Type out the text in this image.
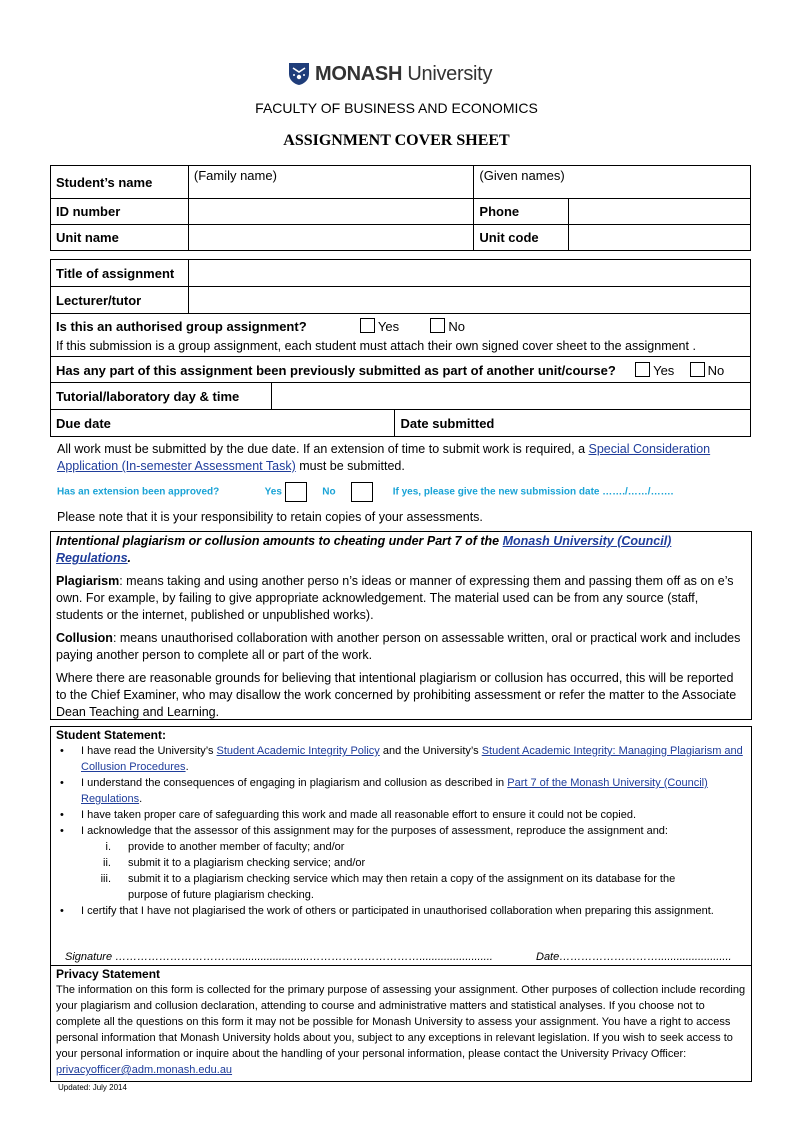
MONASH University
FACULTY OF BUSINESS AND ECONOMICS
ASSIGNMENT COVER SHEET
Student’s name	(Family name)	(Given names)	
ID number		Phone	
Unit name		Unit code	
Title of assignment		
Lecturer/tutor		

Is this an authorised group assignment? Yes No
If this submission is a group assignment, each student must attach their own signed cover sheet to the assignment .		

Has any part of this assignment been previously submitted as part of another unit/course? Yes No		
Tutorial/laboratory day & time		
Due date	Date submitted
All work must be submitted by the due date. If an extension of time to submit work is required, a Special Consideration Application (In-semester Assessment Task) must be submitted.
Has an extension been approved?	Yes	No	If yes, please give the new submission date ……./……/…….
Please note that it is your responsibility to retain copies of your assessments.
Intentional plagiarism or collusion amounts to cheating under Part 7 of the Monash University (Council) Regulations.
Plagiarism: means taking and using another perso n’s ideas or manner of expressing them and passing them off as on e’s own. For example, by failing to give appropriate acknowledgement. The material used can be from any source (staff, students or the internet, published or unpublished works).
Collusion: means unauthorised collaboration with another person on assessable written, oral or practical work and includes paying another person to complete all or part of the work.
Where there are reasonable grounds for believing that intentional plagiarism or collusion has occurred, this will be reported to the Chief Examiner, who may disallow the work concerned by prohibiting assessment or refer the matter to the Associate Dean Teaching and Learning.
Student Statement:
• I have read the University’s Student Academic Integrity Policy and the University’s Student Academic Integrity: Managing Plagiarism and Collusion Procedures.
• I understand the consequences of engaging in plagiarism and collusion as described in Part 7 of the Monash University (Council) Regulations.
• I have taken proper care of safeguarding this work and made all reasonable effort to ensure it could not be copied.
• I acknowledge that the assessor of this assignment may for the purposes of assessment, reproduce the assignment and:
i. provide to another member of faculty; and/or
ii. submit it to a plagiarism checking service; and/or
iii. submit it to a plagiarism checking service which may then retain a copy of the assignment on its database for the purpose of future plagiarism checking.
• I certify that I have not plagiarised the work of others or participated in unauthorised collaboration when preparing this assignment.
Signature ……………………………........................…………………………........................	Date………………………........................
Privacy Statement
The information on this form is collected for the primary purpose of assessing your assignment. Other purposes of collection include recording your plagiarism and collusion declaration, attending to course and administrative matters and statistical analyses. If you choose not to complete all the questions on this form it may not be possible for Monash University to assess your assignment. You have a right to access personal information that Monash University holds about you, subject to any exceptions in relevant legislation. If you wish to seek access to your personal information or inquire about the handling of your personal information, please contact the University Privacy Officer: privacyofficer@adm.monash.edu.au
Updated: July 2014
